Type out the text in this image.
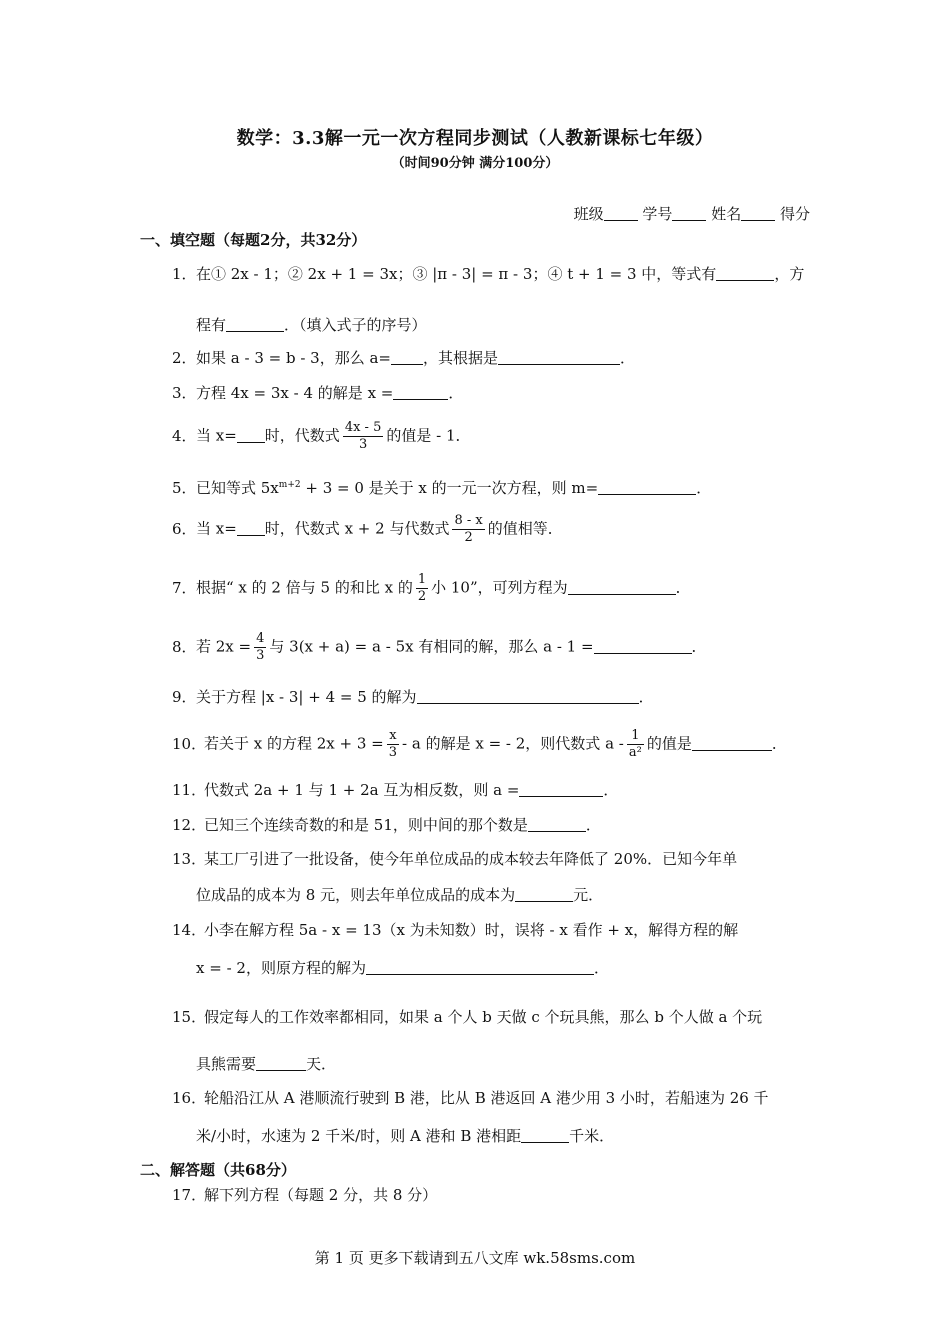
数学：3.3解一元一次方程同步测试（人教新课标七年级）
（时间90分钟 满分100分）
班级	学号	姓名	得分
一、填空题（每题2分，共32分）
1．在① 2x - 1；② 2x + 1 = 3x；③ |π - 3| = π - 3；④ t + 1 = 3 中，等式有	，方
程有	．（填入式子的序号）
2．如果 a - 3 = b - 3，那么 a= ，其根据是	．
3．方程 4x = 3x - 4 的解是 x =	．
4．当 x= 时，代数式 $\frac{4x - 5}{3}$ 的值是 - 1．
5．已知等式 $5x^{m+2} + 3 = 0$ 是关于 x 的一元一次方程，则 m=	．
6．当 x= 时，代数式 x + 2 与代数式 $\frac{8 - x}{2}$ 的值相等．
7．根据“ x 的 2 倍与 5 的和比 x 的 $\frac{1}{2}$ 小 10”，可列方程为	．
8．若 $2x = \frac{4}{3}$ 与 3(x + a) = a - 5x 有相同的解，那么 a - 1 =	．
9．关于方程 |x - 3| + 4 = 5 的解为	．
10．若关于 x 的方程 $2x + 3 = \frac{x}{3} - a$ 的解是 x = - 2，则代数式 a - $\frac{1}{\text{a²}}$ 的值是	．
11．代数式 2a + 1 与 1 + 2a 互为相反数，则 a =	．
12．已知三个连续奇数的和是 51，则中间的那个数是	．
13．某工厂引进了一批设备，使今年单位成品的成本较去年降低了 20%．已知今年单
位成品的成本为 8 元，则去年单位成品的成本为	元．
14．小李在解方程 5a - x = 13（x 为未知数）时，误将 - x 看作 + x，解得方程的解
x = - 2，则原方程的解为	．
15．假定每人的工作效率都相同，如果 a 个人 b 天做 c 个玩具熊，那么 b 个人做 a 个玩
具熊需要	天．
16．轮船沿江从 A 港顺流行驶到 B 港，比从 B 港返回 A 港少用 3 小时，若船速为 26 千
米/小时，水速为 2 千米/时，则 A 港和 B 港相距	千米．
二、解答题（共68分）
17．解下列方程（每题 2 分，共 8 分）
第 1 页 更多下载请到五八文库 wk.58sms.com
